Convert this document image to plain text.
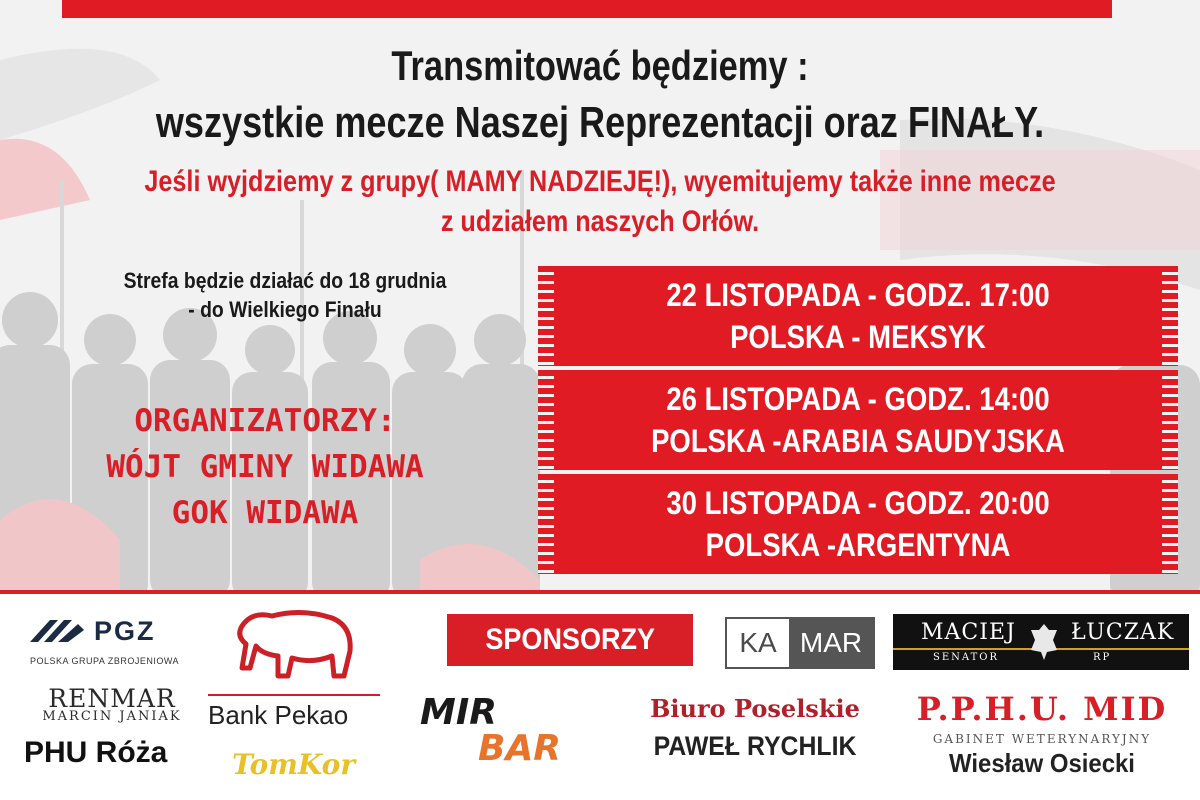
Transmitować będziemy :
wszystkie mecze Naszej Reprezentacji oraz FINAŁY.
Jeśli wyjdziemy z grupy( MAMY NADZIEJĘ!), wyemitujemy także inne mecze
z udziałem naszych Orłów.
Strefa będzie działać do 18 grudnia
- do Wielkiego Finału
ORGANIZATORZY:
WÓJT GMINY WIDAWA
GOK WIDAWA
22 LISTOPADA - GODZ. 17:00
POLSKA - MEKSYK
26 LISTOPADA - GODZ. 14:00
POLSKA -ARABIA SAUDYJSKA
30 LISTOPADA - GODZ. 20:00
POLSKA -ARGENTYNA
PGZ
POLSKA GRUPA ZBROJENIOWA
RENMAR
MARCIN JANIAK	Bank Pekao
PHU Róża TomKor
SPONSORZY	KA MAR	MACIEJ	ŁUCZAK
SENATOR	RP
MIR
BAR
Biuro Poselskie
PAWEŁ RYCHLIK
P.P.H.U. MID
GABINET WETERYNARYJNY
Wiesław Osiecki
